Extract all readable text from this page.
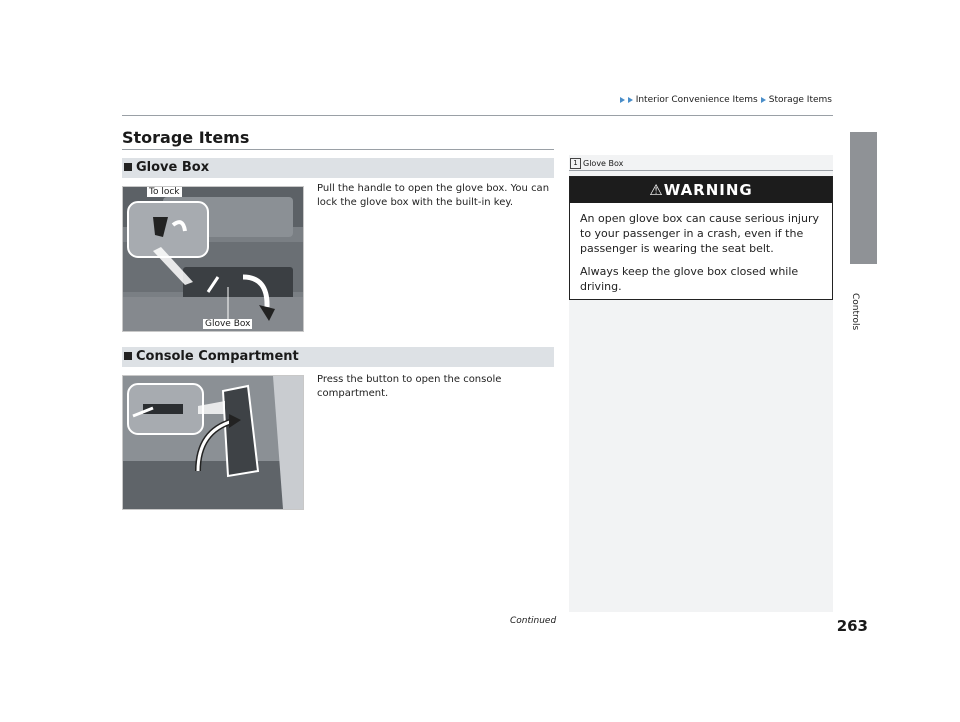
Interior Convenience Items Storage Items
Storage Items
Glove Box
To lock
Glove Box
Pull the handle to open the glove box. You can lock the glove box with the built-in key.
Console Compartment
Press the button to open the console compartment.
1 Glove Box
⚠WARNING

An open glove box can cause serious injury to your passenger in a crash, even if the passenger is wearing the seat belt.

Always keep the glove box closed while driving.

Controls
263
Continued
